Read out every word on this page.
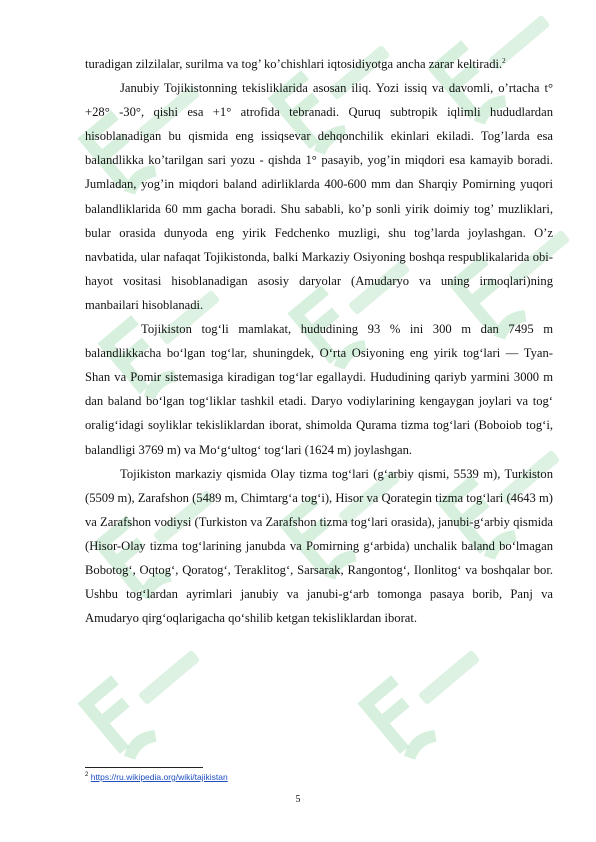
turadigan zilzilalar, surilma va tog’ ko’chishlari iqtosidiyotga ancha zarar keltiradi.$^2$

Janubiy Tojikistonning tekisliklarida asosan iliq. Yozi issiq va davomli, o’rtacha t° +28° -30°, qishi esa +1° atrofida tebranadi. Quruq subtropik iqlimli hududlardan hisoblanadigan bu qismida eng issiqsevar dehqonchilik ekinlari ekiladi. Tog’larda esa balandlikka ko’tarilgan sari yozu - qishda 1° pasayib, yog’in miqdori esa kamayib boradi. Jumladan, yog’in miqdori baland adirliklarda 400-600 mm dan Sharqiy Pomirning yuqori balandliklarida 60 mm gacha boradi. Shu sababli, ko’p sonli yirik doimiy tog’ muzliklari, bular orasida dunyoda eng yirik Fedchenko muzligi, shu tog’larda joylashgan. O’z navbatida, ular nafaqat Tojikistonda, balki Markaziy Osiyoning boshqa respublikalarida obi-hayot vositasi hisoblanadigan asosiy daryolar (Amudaryo va uning irmoqlari)ning manbailari hisoblanadi.

Tojikiston tog‘li mamlakat, hududining 93 % ini 300 m dan 7495 m balandlikkacha bo‘lgan tog‘lar, shuningdek, O‘rta Osiyoning eng yirik tog‘lari — Tyan-Shan va Pomir sistemasiga kiradigan tog‘lar egallaydi. Hududining qariyb yarmini 3000 m dan baland bo‘lgan tog‘liklar tashkil etadi. Daryo vodiylarining kengaygan joylari va tog‘ oralig‘idagi soyliklar tekisliklardan iborat, shimolda Qurama tizma tog‘lari (Boboiob tog‘i, balandligi 3769 m) va Mo‘g‘ultog‘ tog‘lari (1624 m) joylashgan.

Tojikiston markaziy qismida Olay tizma tog‘lari (g‘arbiy qismi, 5539 m), Turkiston (5509 m), Zarafshon (5489 m, Chimtarg‘a tog‘i), Hisor va Qorategin tizma tog‘lari (4643 m) va Zarafshon vodiysi (Turkiston va Zarafshon tizma tog‘lari orasida), janubi-g‘arbiy qismida (Hisor-Olay tizma tog‘larining janubda va Pomirning g‘arbida) unchalik baland bo‘lmagan Bobotog‘, Oqtog‘, Qoratog‘, Teraklitog‘, Sarsarak, Rangontog‘, Ilonlitog‘ va boshqalar bor. Ushbu tog‘lardan ayrimlari janubiy va janubi-g‘arb tomonga pasaya borib, Panj va Amudaryo qirg‘oqlarigacha qo‘shilib ketgan tekisliklardan iborat.

$^2$ https://ru.wikipedia.org/wiki/tajikistan
5
